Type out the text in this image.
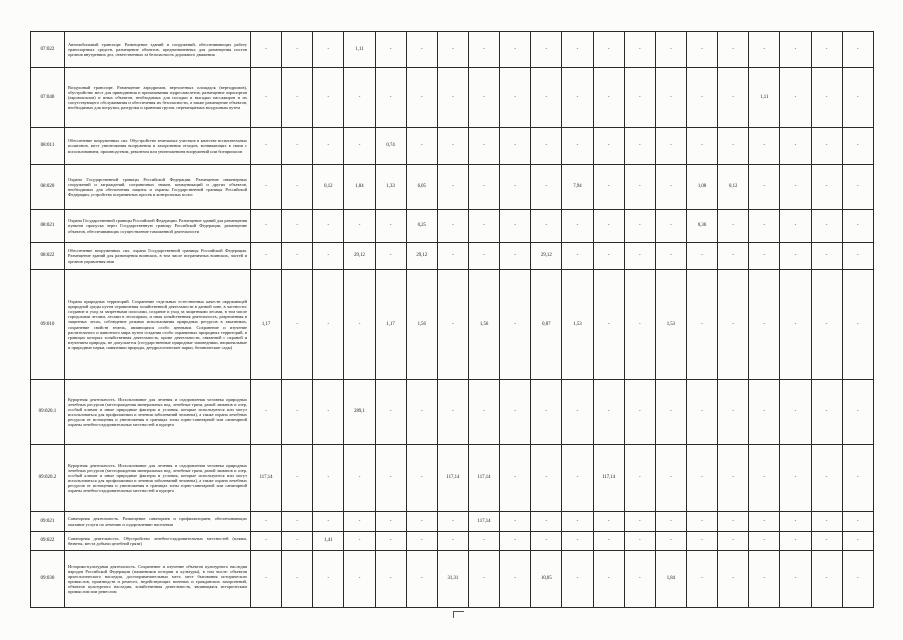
07:022	Автомобильный транспорт. Размещение зданий и сооружений, обеспечивающих работу транспортных средств, размещение объектов, предназначенных для размещения постов органов внутренних дел, ответственных за безопасность дорожного движения	-	-	-	1,11	-	-	-	-	-	-	-	-	-	-	-	-	-	-	-	-
07:040	Воздушный транспорт. Размещение аэродромов, вертолетных площадок (вертодромов), обустройство мест для приводнения и причаливания гидросамолетов, размещение аэропортов (аэровокзалов) и иных объектов, необходимых для посадки и высадки пассажиров и их сопутствующего обслуживания и обеспечения их безопасности, а также размещение объектов, необходимых для погрузки, разгрузки и хранения грузов, перемещаемых воздушным путем	-	-	-	-	-	-	-	-	-	-	-	-	-	-	-	-	1,11	-	-	-
08:011	Обеспечение вооруженных сил. Обустройство земельных участков в качестве испытательных полигонов, мест уничтожения вооружения и захоронения отходов, возникающих в связи с использованием, производством, ремонтом или уничтожением вооружений или боеприпасов	-	-	-	-	0,74	-	-	-	-	-	-	-	-	-	-	-	-	-	-	-
08:020	Охрана Государственной границы Российской Федерации. Размещение инженерных сооружений и заграждений, пограничных знаков, коммуникаций и других объектов, необходимых для обеспечения защиты и охраны Государственной границы Российской Федерации, устройство пограничных просек и контрольных полос	-	-	0,12	1,84	1,33	6,05	-	-	-	-	7,94	-	-	-	1,08	0,12	-	-	-	-
08:021	Охрана Государственной границы Российской Федерации. Размещение зданий для размещения пунктов пропуска через Государственную границу Российской Федерации, размещение объектов, обеспечивающих осуществление таможенной деятельности	-	-	-	-	-	0,25	-	-	-	-	-	-	-	-	0,36	-	-	-	-	-
08:022	Обеспечение вооруженных сил, охрана Государственной границы Российской Федерации. Размещение зданий для размещения воинских, в том числе пограничных воинских, частей и органов управления ими	-	-	-	29,12	-	29,12	-	-	-	29,12	-	-	-	-	-	-	-	-	-	-
09:010	Охрана природных территорий. Сохранение отдельных естественных качеств окружающей природной среды путем ограничения хозяйственной деятельности в данной зоне, в частности: создание и уход за запретными полосами, создание и уход за защитными лесами, в том числе городскими лесами, лесами в лесопарках, и иная хозяйственная деятельность, разрешенная в защитных лесах, соблюдение режима использования природных ресурсов в заказниках, сохранение свойств земель, являющихся особо ценными. Сохранение и изучение растительного и животного мира путем создания особо охраняемых природных территорий, в границах которых хозяйственная деятельность, кроме деятельности, связанной с охраной и изучением природы, не допускается (государственные природные заповедники, национальные и природные парки, памятники природы, дендрологические парки, ботанические сады)	1,17	-	-	-	1,17	1,56	-	1,56	-	0,87	1,53	-	-	1,53	-	-	-	-	-	-
09:020.1	Курортная деятельность. Использование для лечения и оздоровления человека природных лечебных ресурсов (месторождения минеральных вод, лечебные грязи, рапой лиманов и озер, особый климат и иные природные факторы и условия, которые используются или могут использоваться для профилактики и лечения заболеваний человека), а также охрана лечебных ресурсов от истощения и уничтожения в границах зоны горно-санитарной или санитарной охраны лечебно-оздоровительных местностей и курорта	-	-	-	289,1	-	-	-	-	-	-	-	-	-	-	-	-	-	-	-	-
09:020.2	Курортная деятельность. Использование для лечения и оздоровления человека природных лечебных ресурсов (месторождения минеральных вод, лечебные грязи, рапой лиманов и озер, особый климат и иные природные факторы и условия, которые используются или могут использоваться для профилактики и лечения заболеваний человека), а также охрана лечебных ресурсов от истощения и уничтожения в границах зоны горно-санитарной или санитарной охраны лечебно-оздоровительных местностей и курорта	117,14	-	-	-	-	-	117,14	117,14	-	-	-	117,14	-	-	-	-	-	-	-	-
09:021	Санаторная деятельность. Размещение санаториев и профилакториев, обеспечивающих оказание услуги по лечению и оздоровлению населения	-	-	-	-	-	-	-	117,14	-	-	-	-	-	-	-	-	-	-	-	-
09:022	Санаторная деятельность. Обустройство лечебно-оздоровительных местностей (пляжи, бюветы, места добычи целебной грязи)	-	-	1,41	-	-	-	-	-	-	-	-	-	-	-	-	-	-	-	-	-
09:030	Историко-культурная деятельность. Сохранение и изучение объектов культурного наследия народов Российской Федерации (памятников истории и культуры), в том числе: объектов археологического наследия, достопримечательных мест, мест бытования исторических промыслов, производств и ремесел, недействующих военных и гражданских захоронений, объектов культурного наследия, хозяйственная деятельность, являющаяся историческим промыслом или ремеслом	-	-	-	-	-	-	31,31	-	-	10,05	-	-	-	1,84	-	-	-	-	-	-
